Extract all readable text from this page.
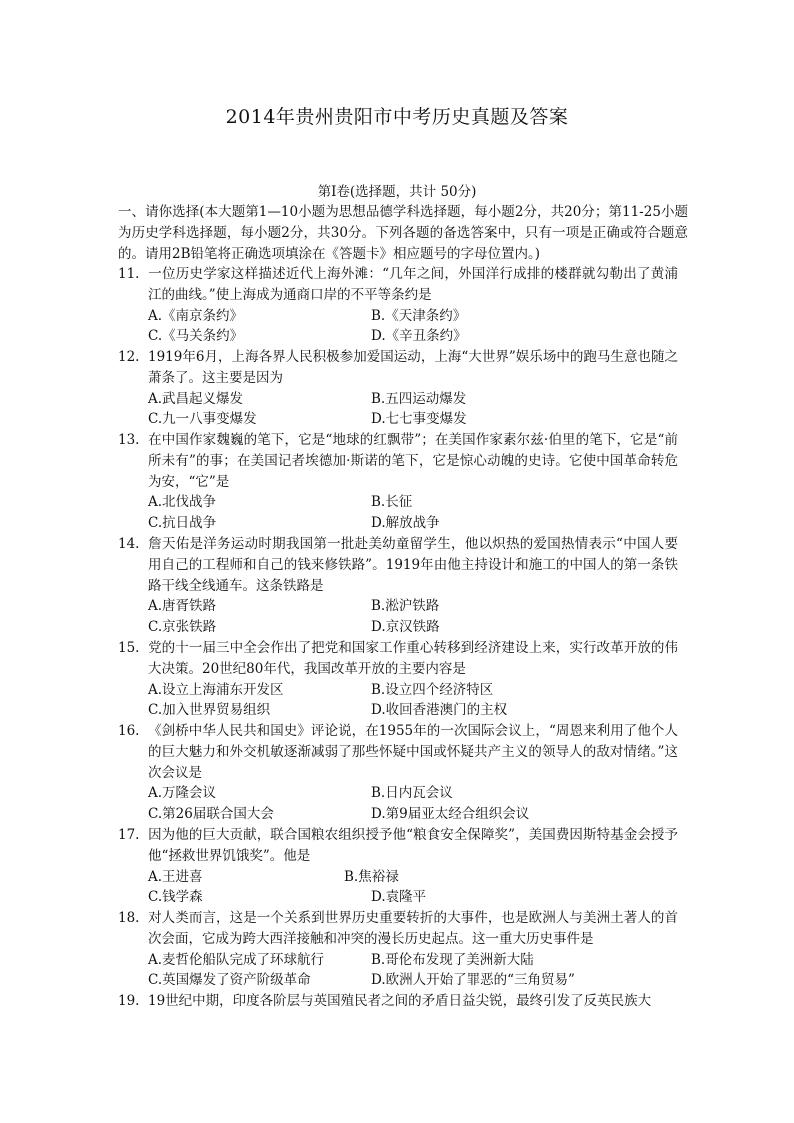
2014年贵州贵阳市中考历史真题及答案
第Ⅰ卷(选择题，共计 50分)
一、请你选择(本大题第1—10小题为思想品德学科选择题，每小题2分，共20分；第11-25小题为历史学科选择题，每小题2分，共30分。下列各题的备选答案中，只有一项是正确或符合题意的。请用2B铅笔将正确选项填涂在《答题卡》相应题号的字母位置内。)

11. 一位历史学家这样描述近代上海外滩：“几年之间，外国洋行成排的楼群就勾勒出了黄浦江的曲线。”使上海成为通商口岸的不平等条约是

A.《南京条约》	B.《天津条约》
C.《马关条约》	D.《辛丑条约》

12. 1919年6月，上海各界人民积极参加爱国运动，上海“大世界”娱乐场中的跑马生意也随之萧条了。这主要是因为

A.武昌起义爆发	B.五四运动爆发
C.九一八事变爆发	D.七七事变爆发

13. 在中国作家魏巍的笔下，它是“地球的红飘带”；在美国作家素尔兹·伯里的笔下，它是“前所未有”的事；在美国记者埃德加·斯诺的笔下，它是惊心动魄的史诗。它使中国革命转危为安，“它”是

A.北伐战争	B.长征
C.抗日战争	D.解放战争

14. 詹天佑是洋务运动时期我国第一批赴美幼童留学生，他以炽热的爱国热情表示“中国人要用自己的工程师和自己的钱来修铁路”。1919年由他主持设计和施工的中国人的第一条铁路干线全线通车。这条铁路是

A.唐胥铁路	B.淞沪铁路
C.京张铁路	D.京汉铁路

15. 党的十一届三中全会作出了把党和国家工作重心转移到经济建设上来，实行改革开放的伟大决策。20世纪80年代，我国改革开放的主要内容是

A.设立上海浦东开发区	B.设立四个经济特区
C.加入世界贸易组织	D.收回香港澳门的主权

16. 《剑桥中华人民共和国史》评论说，在1955年的一次国际会议上，“周恩来利用了他个人的巨大魅力和外交机敏逐渐减弱了那些怀疑中国或怀疑共产主义的领导人的敌对情绪。”这次会议是

A.万隆会议	B.日内瓦会议
C.第26届联合国大会	D.第9届亚太经合组织会议

17. 因为他的巨大贡献，联合国粮农组织授予他“粮食安全保障奖”，美国费因斯特基金会授予他“拯救世界饥饿奖”。他是

A.王进喜	B.焦裕禄
C.钱学森	D.袁隆平

18. 对人类而言，这是一个关系到世界历史重要转折的大事件，也是欧洲人与美洲土著人的首次会面，它成为跨大西洋接触和冲突的漫长历史起点。这一重大历史事件是

A.麦哲伦船队完成了环球航行	B.哥伦布发现了美洲新大陆
C.英国爆发了资产阶级革命	D.欧洲人开始了罪恶的“三角贸易”

19. 19世纪中期，印度各阶层与英国殖民者之间的矛盾日益尖锐，最终引发了反英民族大
